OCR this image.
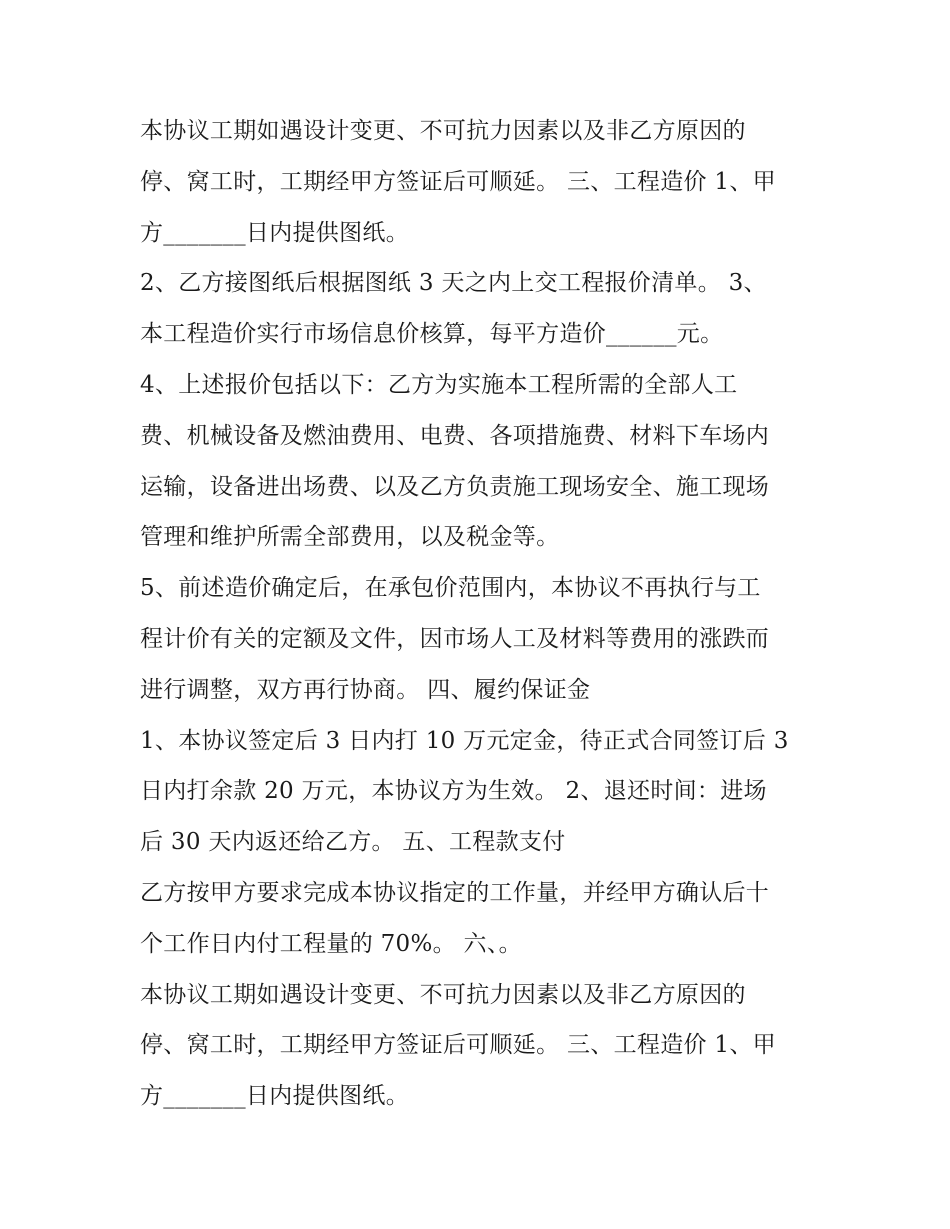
本协议工期如遇设计变更、不可抗力因素以及非乙方原因的
停、窝工时，工期经甲方签证后可顺延。 三、工程造价 1、甲
方_______日内提供图纸。
2、乙方接图纸后根据图纸 3 天之内上交工程报价清单。 3、
本工程造价实行市场信息价核算，每平方造价______元。
4、上述报价包括以下：乙方为实施本工程所需的全部人工
费、机械设备及燃油费用、电费、各项措施费、材料下车场内
运输，设备进出场费、以及乙方负责施工现场安全、施工现场
管理和维护所需全部费用，以及税金等。
5、前述造价确定后，在承包价范围内，本协议不再执行与工
程计价有关的定额及文件，因市场人工及材料等费用的涨跌而
进行调整，双方再行协商。 四、履约保证金
1、本协议签定后 3 日内打 10 万元定金，待正式合同签订后 3
日内打余款 20 万元，本协议方为生效。 2、退还时间：进场
后 30 天内返还给乙方。 五、工程款支付
乙方按甲方要求完成本协议指定的工作量，并经甲方确认后十
个工作日内付工程量的 70%。 六、。
本协议工期如遇设计变更、不可抗力因素以及非乙方原因的
停、窝工时，工期经甲方签证后可顺延。 三、工程造价 1、甲
方_______日内提供图纸。
